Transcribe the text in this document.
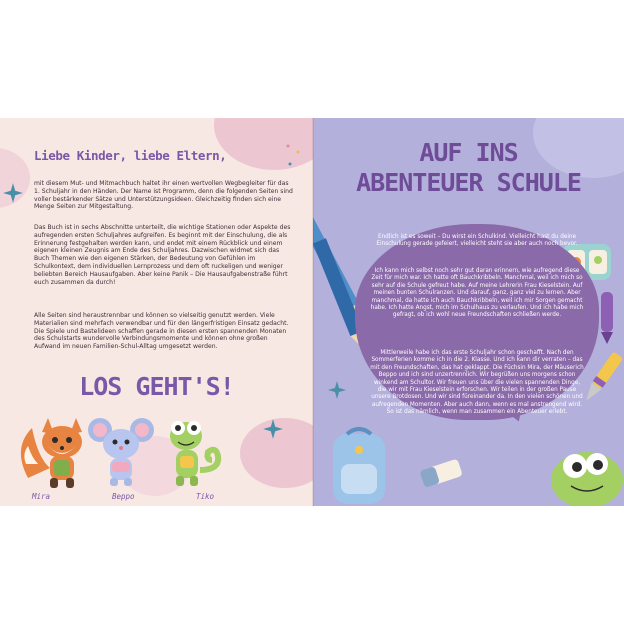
Liebe Kinder, liebe Eltern,

mit diesem Mut- und Mitmachbuch haltet ihr einen wertvollen Wegbegleiter für das 1. Schuljahr in den Händen. Der Name ist Programm, denn die folgenden Seiten sind voller bestärkender Sätze und Unterstützungsideen. Gleichzeitig finden sich eine Menge Seiten zur Mitgestaltung.

Das Buch ist in sechs Abschnitte unterteilt, die wichtige Stationen oder Aspekte des aufregenden ersten Schuljahres aufgreifen. Es beginnt mit der Einschulung, die als Erinnerung festgehalten werden kann, und endet mit einem Rückblick und einem eigenen kleinen Zeugnis am Ende des Schuljahres. Dazwischen widmet sich das Buch Themen wie den eigenen Stärken, der Bedeutung von Gefühlen im Schulkontext, dem individuellen Lernprozess und dem oft ruckeligen und weniger beliebten Bereich Hausaufgaben. Aber keine Panik – Die Hausaufgabenstraße führt euch zusammen da durch!

Alle Seiten sind heraustrennbar und können so vielseitig genutzt werden. Viele Materialien sind mehrfach verwendbar und für den längerfristigen Einsatz gedacht. Die Spiele und Bastelideen schaffen gerade in diesen ersten spannenden Monaten des Schulstarts wundervolle Verbindungsmomente und können ohne großen Aufwand im neuen Familien-Schul-Alltag umgesetzt werden.

LOS GEHT'S!
Mira	Beppo	Tiko
AUF INS
ABENTEUER SCHULE

Endlich ist es soweit – Du wirst ein Schulkind. Vielleicht hast du deine Einschulung gerade gefeiert, vielleicht steht sie aber auch noch bevor.

Ich kann mich selbst noch sehr gut daran erinnern, wie aufregend diese Zeit für mich war. Ich hatte oft Bauchkribbeln. Manchmal, weil ich mich so sehr auf die Schule gefreut habe. Auf meine Lehrerin Frau Kieselstein. Auf meinen bunten Schulranzen. Und darauf, ganz, ganz viel zu lernen. Aber manchmal, da hatte ich auch Bauchkribbeln, weil ich mir Sorgen gemacht habe. Ich hatte Angst, mich im Schulhaus zu verlaufen. Und ich habe mich gefragt, ob ich wohl neue Freundschaften schließen werde.

Mittlerweile habe ich das erste Schuljahr schon geschafft. Nach den Sommerferien komme ich in die 2. Klasse. Und ich kann dir verraten – das mit den Freundschaften, das hat geklappt. Die Füchsin Mira, der Mäuserich Beppo und ich sind unzertrennlich. Wir begrüßen uns morgens schon winkend am Schultor. Wir freuen uns über die vielen spannenden Dinge, die wir mit Frau Kieselstein erforschen. Wir teilen in der großen Pause unsere Brotdosen. Und wir sind füreinander da. In den vielen schönen und aufregenden Momenten. Aber auch dann, wenn es mal anstrengend wird. So ist das nämlich, wenn man zusammen ein Abenteuer erlebt.
